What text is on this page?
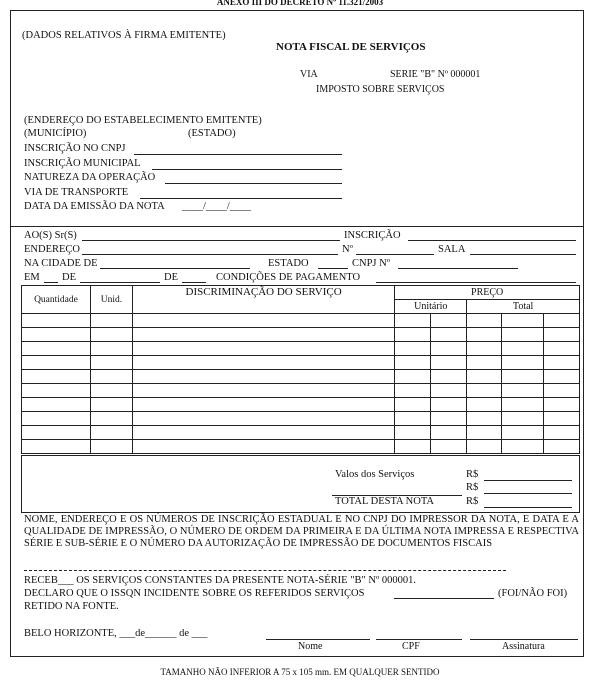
ANEXO III DO DECRETO Nº 11.321/2003
(DADOS RELATIVOS À FIRMA EMITENTE)
NOTA FISCAL DE SERVIÇOS
VIA	SERIE "B" Nº 000001
IMPOSTO SOBRE SERVIÇOS
(ENDEREÇO DO ESTABELECIMENTO EMITENTE)
(MUNICÍPIO)	(ESTADO)
INSCRIÇÃO NO CNPJ
INSCRIÇÃO MUNICIPAL
NATUREZA DA OPERAÇÃO
VIA DE TRANSPORTE
DATA DA EMISSÃO DA NOTA ____/____/____
AO(S) Sr(S)	INSCRIÇÃO
ENDEREÇO	Nº	SALA
NA CIDADE DE	ESTADO	CNPJ Nº
EM DE	DE	CONDIÇÕES DE PAGAMENTO
Quantidade	Unid.	DISCRIMINAÇÃO DO SERVIÇO	PREÇO				
			Unitário		Total		

Valos dos Serviços	R$
R$
TOTAL DESTA NOTA	R$
NOME, ENDEREÇO E OS NÚMEROS DE INSCRIÇÃO ESTADUAL E NO CNPJ DO IMPRESSOR DA NOTA, E DATA E A QUALIDADE DE IMPRESSÃO, O NÚMERO DE ORDEM DA PRIMEIRA E DA ÚLTIMA NOTA IMPRESSA E RESPECTIVA SÉRIE E SUB-SÉRIE E O NÚMERO DA AUTORIZAÇÃO DE IMPRESSÃO DE DOCUMENTOS FISCAIS
RECEB___ OS SERVIÇOS CONSTANTES DA PRESENTE NOTA-SÉRIE "B" Nº 000001.
DECLARO QUE O ISSQN INCIDENTE SOBRE OS REFERIDOS SERVIÇOS	(FOI/NÃO FOI)
RETIDO NA FONTE.
BELO HORIZONTE, ___de______ de ___
Nome	CPF	Assinatura
TAMANHO NÃO INFERIOR A 75 x 105 mm. EM QUALQUER SENTIDO
